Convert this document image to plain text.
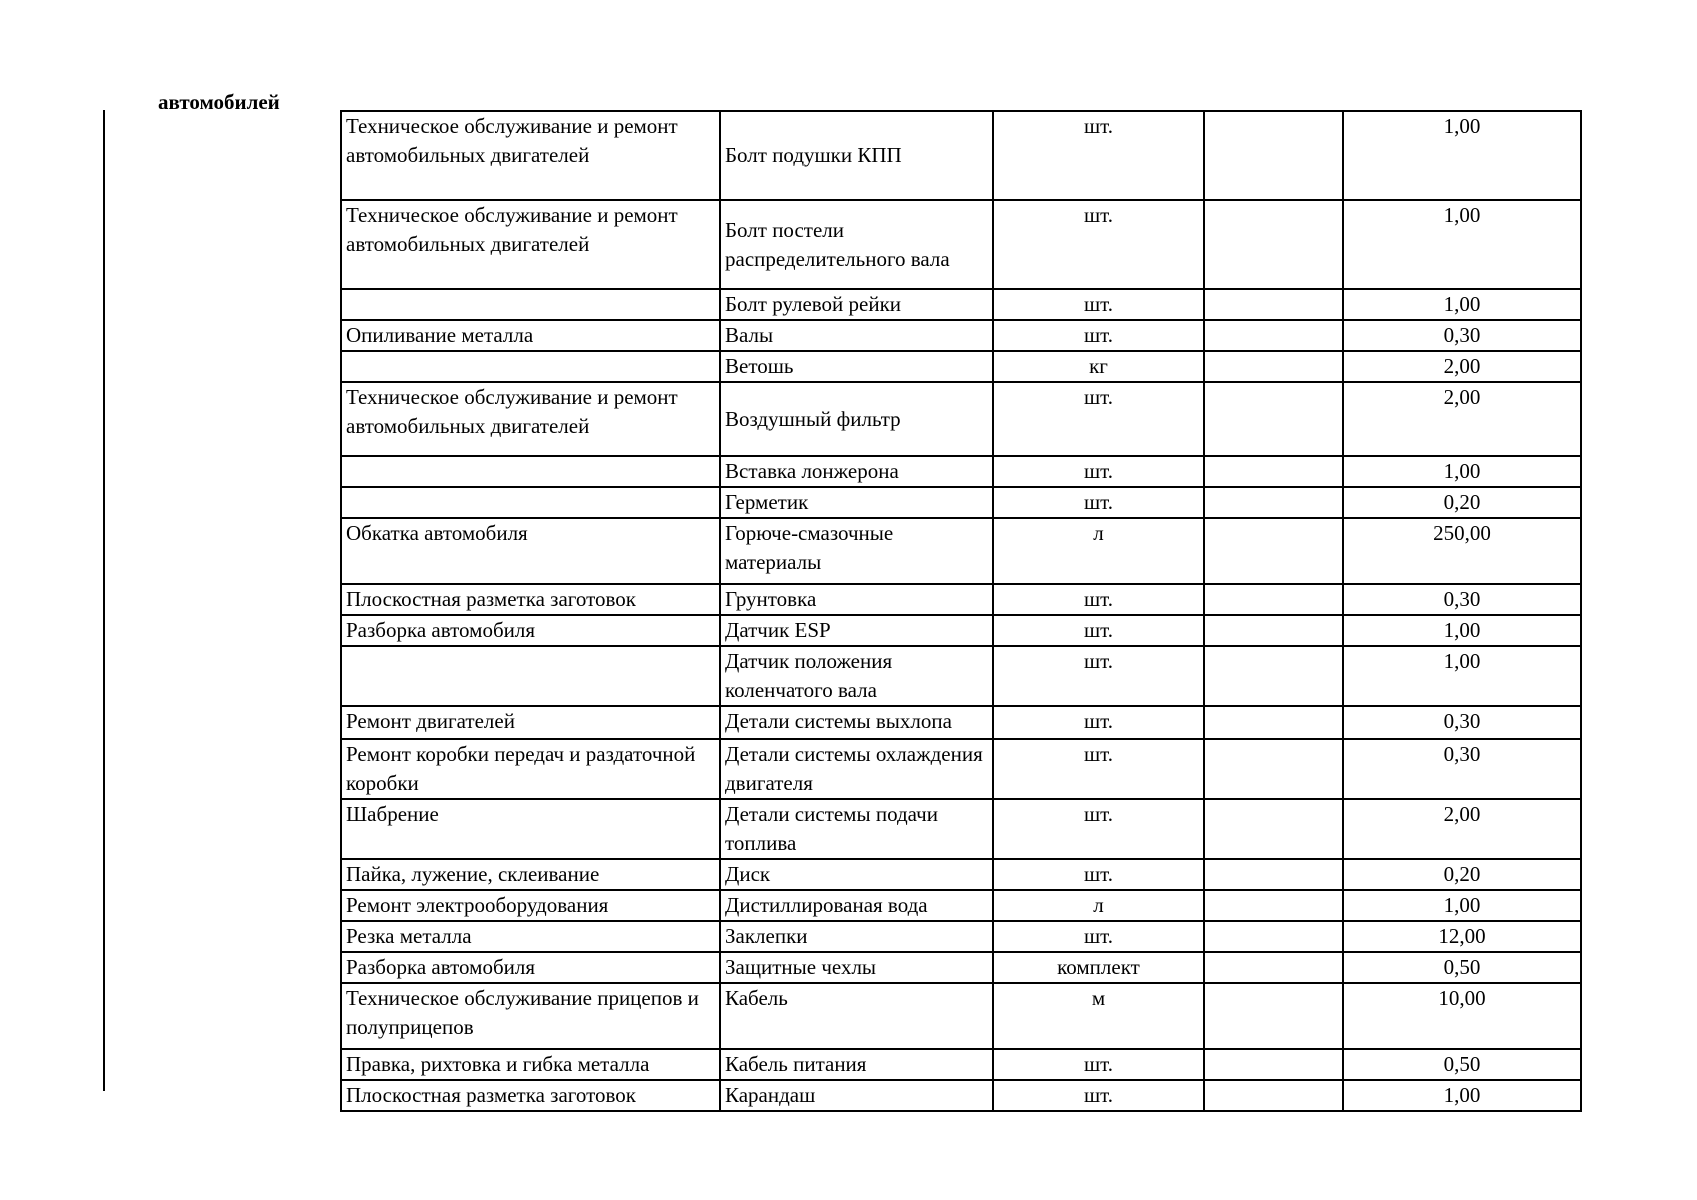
автомобилей
Техническое обслуживание и ремонт автомобильных двигателей	Болт подушки КПП	шт.		1,00
Техническое обслуживание и ремонт автомобильных двигателей	Болт постели распределительного вала	шт.		1,00
	Болт рулевой рейки	шт.		1,00
Опиливание металла	Валы	шт.		0,30
	Ветошь	кг		2,00
Техническое обслуживание и ремонт автомобильных двигателей	Воздушный фильтр	шт.		2,00
	Вставка лонжерона	шт.		1,00
	Герметик	шт.		0,20
Обкатка автомобиля	Горюче-смазочные материалы	л		250,00
Плоскостная разметка заготовок	Грунтовка	шт.		0,30
Разборка автомобиля	Датчик ESP	шт.		1,00
	Датчик положения коленчатого вала	шт.		1,00
Ремонт двигателей	Детали системы выхлопа	шт.		0,30
Ремонт коробки передач и раздаточной коробки	Детали системы охлаждения двигателя	шт.		0,30
Шабрение	Детали системы подачи топлива	шт.		2,00
Пайка, лужение, склеивание	Диск	шт.		0,20
Ремонт электрооборудования	Дистиллированая вода	л		1,00
Резка металла	Заклепки	шт.		12,00
Разборка автомобиля	Защитные чехлы	комплект		0,50
Техническое обслуживание прицепов и полуприцепов	Кабель	м		10,00
Правка, рихтовка и гибка металла	Кабель питания	шт.		0,50
Плоскостная разметка заготовок	Карандаш	шт.		1,00
